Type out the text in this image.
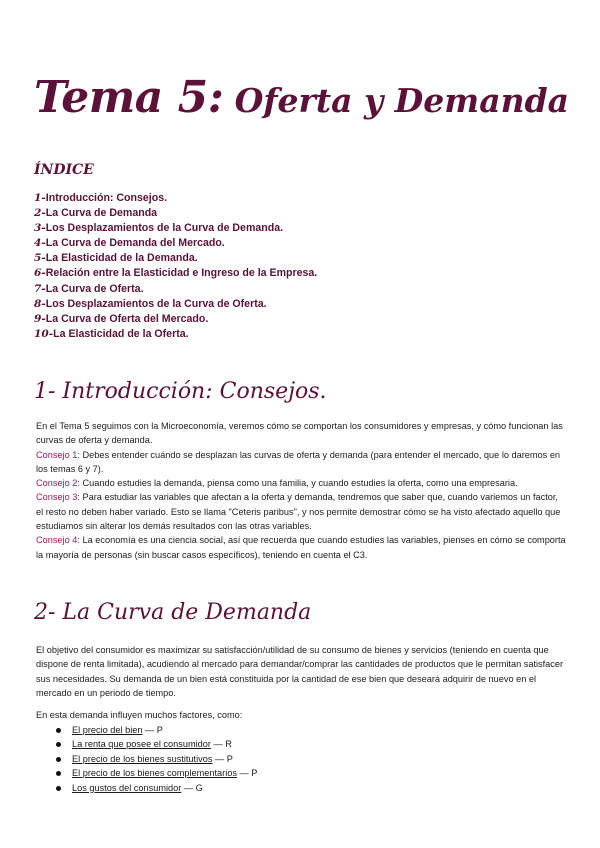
Tema 5: Oferta y Demanda
ÍNDICE
1-Introducción: Consejos.
2-La Curva de Demanda
3-Los Desplazamientos de la Curva de Demanda.
4-La Curva de Demanda del Mercado.
5-La Elasticidad de la Demanda.
6-Relación entre la Elasticidad e Ingreso de la Empresa.
7-La Curva de Oferta.
8-Los Desplazamientos de la Curva de Oferta.
9-La Curva de Oferta del Mercado.
10-La Elasticidad de la Oferta.
1- Introducción: Consejos.
En el Tema 5 seguimos con la Microeconomía, veremos cómo se comportan los consumidores y empresas, y cómo funcionan las curvas de oferta y demanda.
Consejo 1: Debes entender cuándo se desplazan las curvas de oferta y demanda (para entender el mercado, que lo daremos en los temas 6 y 7).
Consejo 2: Cuando estudies la demanda, piensa como una familia, y cuando estudies la oferta, como una empresaria.
Consejo 3: Para estudiar las variables que afectan a la oferta y demanda, tendremos que saber que, cuando variemos un factor, el resto no deben haber variado. Esto se llama "Ceteris paribus", y nos permite demostrar cómo se ha visto afectado aquello que estudiamos sin alterar los demás resultados con las otras variables.
Consejo 4: La economía es una ciencia social, así que recuerda que cuando estudies las variables, pienses en cómo se comporta la mayoría de personas (sin buscar casos específicos), teniendo en cuenta el C3.
2- La Curva de Demanda

El objetivo del consumidor es maximizar su satisfacción/utilidad de su consumo de bienes y servicios (teniendo en cuenta que dispone de renta limitada), acudiendo al mercado para demandar/comprar las cantidades de productos que le permitan satisfacer sus necesidades. Su demanda de un bien está constituida por la cantidad de ese bien que deseará adquirir de nuevo en el mercado en un periodo de tiempo.

En esta demanda influyen muchos factores, como:

El precio del bien — P
La renta que posee el consumidor — R
El precio de los bienes sustitutivos — P
El precio de los bienes complementarios — P
Los gustos del consumidor — G
